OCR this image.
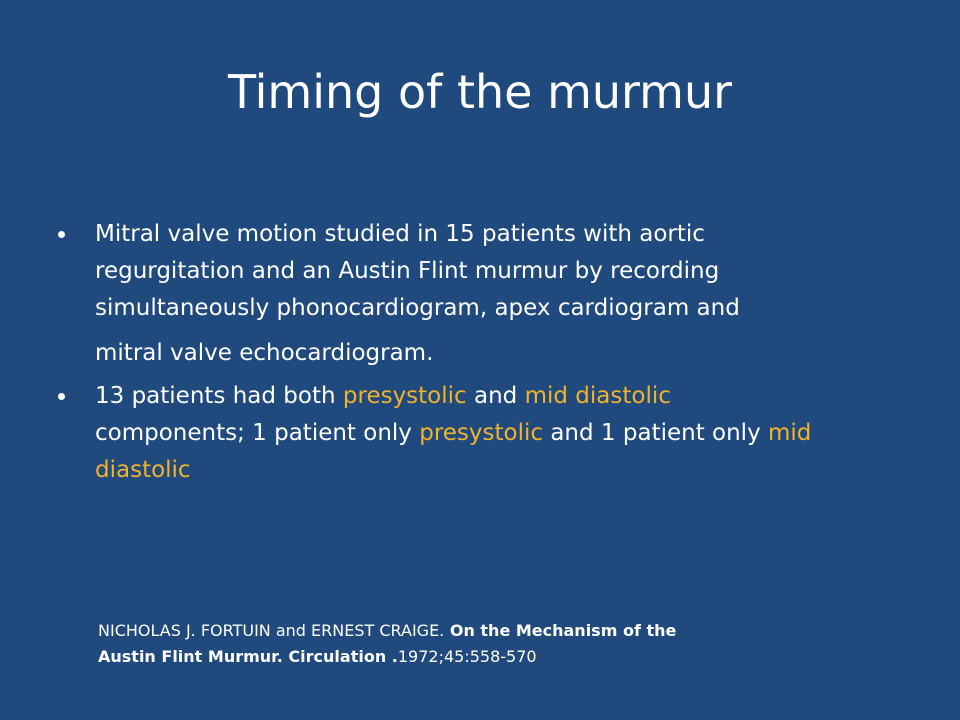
Timing of the murmur
Mitral valve motion studied in 15 patients with aortic
regurgitation and an Austin Flint murmur by recording
simultaneously phonocardiogram, apex cardiogram and
mitral valve echocardiogram.
13 patients had both presystolic and mid diastolic
components; 1 patient only presystolic and 1 patient only mid
diastolic
NICHOLAS J. FORTUIN and ERNEST CRAIGE. On the Mechanism of the
Austin Flint Murmur. Circulation .1972;45:558-570
